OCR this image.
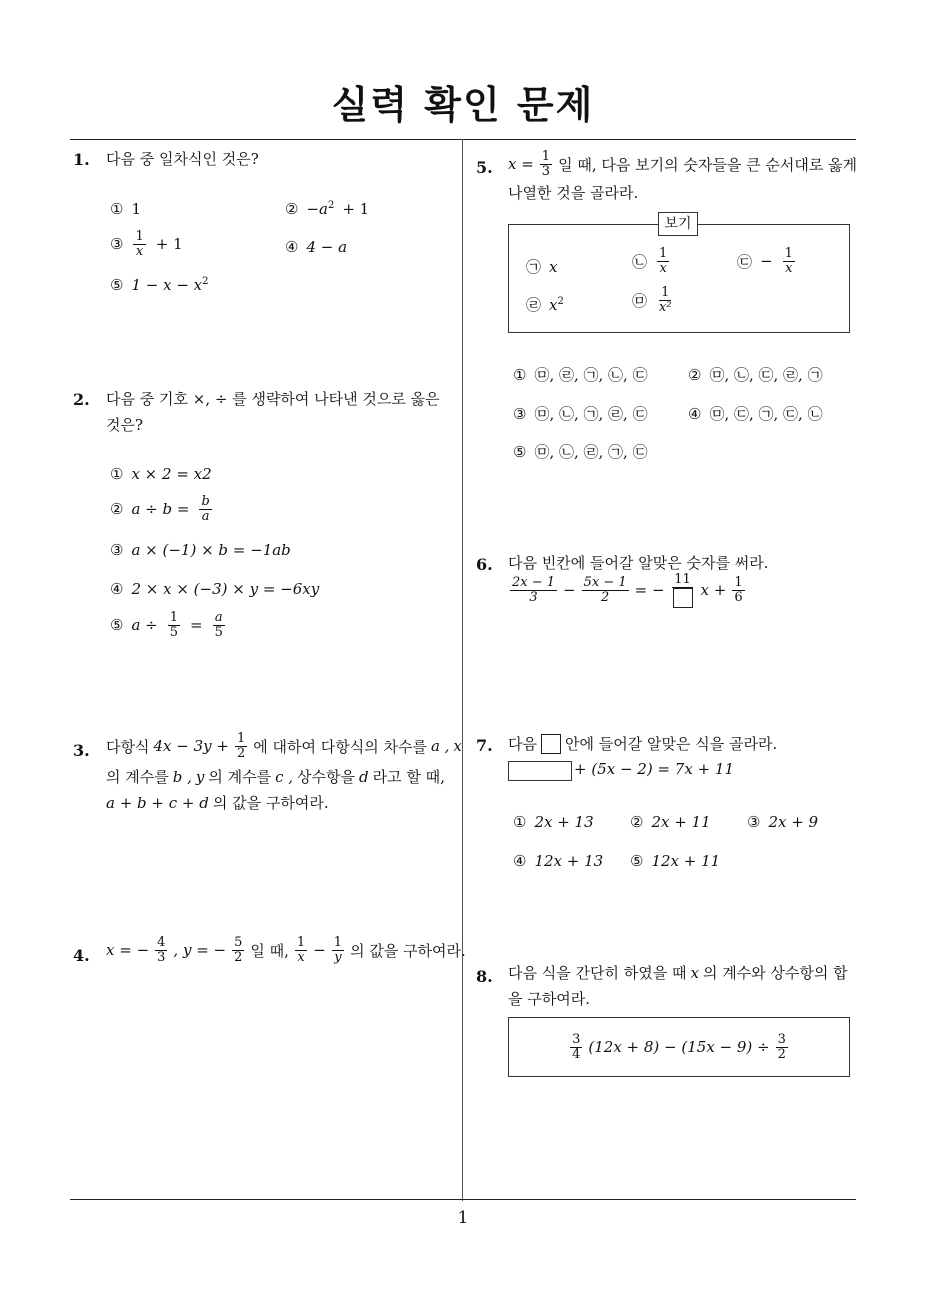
실력 확인 문제
1
1. 다음 중 일차식인 것은?
① 1	② $-a^2 + 1$
③ $\frac{1}{x} + 1$	④ 4 − a
⑤ $1 - x - x^2$
2. 다음 중 기호 ×, ÷ 를 생략하여 나타낸 것으로 옳은 것은?
① x × 2 = x2
② $a \div b = \frac{b}{a}$
③ a × (−1) × b = −1ab
④ 2 × x × (−3) × y = −6xy
⑤ $a \div \frac{1}{5} = \frac{a}{5}$
3. 다항식 $4x - 3y + \frac{1}{2}$ 에 대하여 다항식의 차수를 a , x
의 계수를 b , y 의 계수를 c , 상수항을 d 라고 할 때,
a + b + c + d 의 값을 구하여라.
4. x = − $\frac{4}{3}$ , y = − $\frac{5}{2}$ 일 때, $\frac{1}{x} - \frac{1}{y}$ 의 값을 구하여라.
5. $x = \frac{1}{3}$ 일 때, 다음 보기의 숫자들을 큰 순서대로 옳게
나열한 것을 골라라.
보기
㉠ x	㉡ $\frac{1}{x}$	㉢ − $\frac{1}{x}$
㉣ $x^2$	㉤ $\frac{1}{\text{x²}}$
① ㉤, ㉣, ㉠, ㉡, ㉢	② ㉤, ㉡, ㉢, ㉣, ㉠
③ ㉤, ㉡, ㉠, ㉣, ㉢	④ ㉤, ㉢, ㉠, ㉢, ㉡
⑤ ㉤, ㉡, ㉣, ㉠, ㉢
6. 다음 빈칸에 들어갈 알맞은 숫자를 써라.
$\frac{2x - 1}{3} - \frac{5x - 1}{2}$ = −
11
$x + \frac{1}{6}$
7. 다음 안에 들어갈 알맞은 식을 골라라.
+ (5x − 2) = 7x + 11
① 2x + 13 ② 2x + 11 ③ 2x + 9
④ 12x + 13 ⑤ 12x + 11
8. 다음 식을 간단히 하였을 때 x 의 계수와 상수항의 합
을 구하여라.
$\frac{3}{4} (12x + 8) - (15x - 9) \div \frac{3}{2}$
